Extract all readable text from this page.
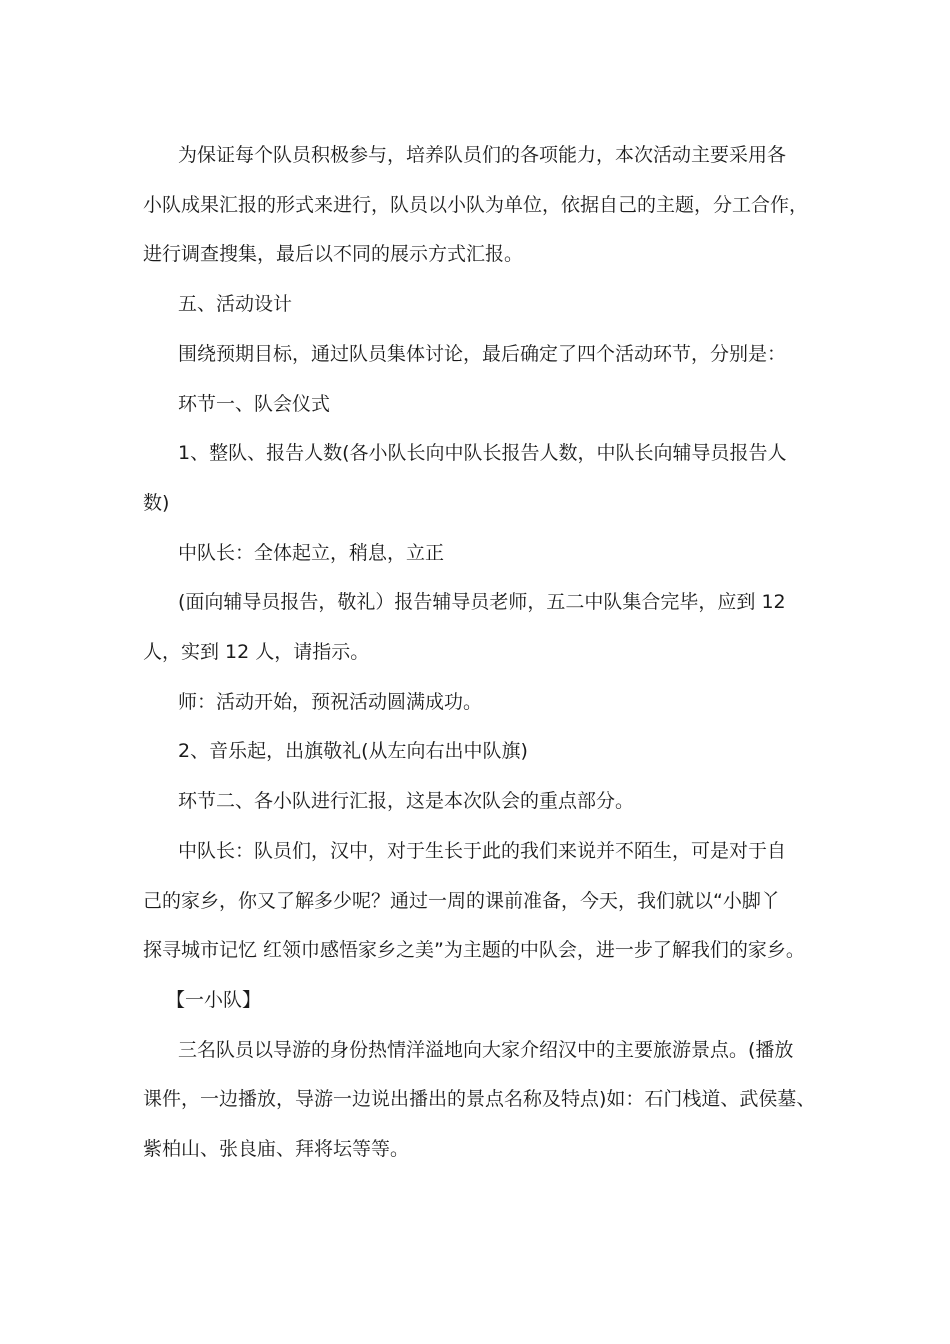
为保证每个队员积极参与，培养队员们的各项能力，本次活动主要采用各
小队成果汇报的形式来进行，队员以小队为单位，依据自己的主题，分工合作，
进行调查搜集，最后以不同的展示方式汇报。
五、活动设计
围绕预期目标，通过队员集体讨论，最后确定了四个活动环节，分别是：
环节一、队会仪式
1、整队、报告人数(各小队长向中队长报告人数，中队长向辅导员报告人
数)
中队长：全体起立，稍息，立正
(面向辅导员报告，敬礼）报告辅导员老师，五二中队集合完毕，应到 12
人，实到 12 人，请指示。
师：活动开始，预祝活动圆满成功。
2、音乐起，出旗敬礼(从左向右出中队旗)
环节二、各小队进行汇报，这是本次队会的重点部分。
中队长：队员们，汉中，对于生长于此的我们来说并不陌生，可是对于自
己的家乡，你又了解多少呢？通过一周的课前准备，今天，我们就以“小脚丫
探寻城市记忆 红领巾感悟家乡之美”为主题的中队会，进一步了解我们的家乡。
【一小队】
三名队员以导游的身份热情洋溢地向大家介绍汉中的主要旅游景点。(播放
课件，一边播放，导游一边说出播出的景点名称及特点)如：石门栈道、武侯墓、
紫柏山、张良庙、拜将坛等等。
